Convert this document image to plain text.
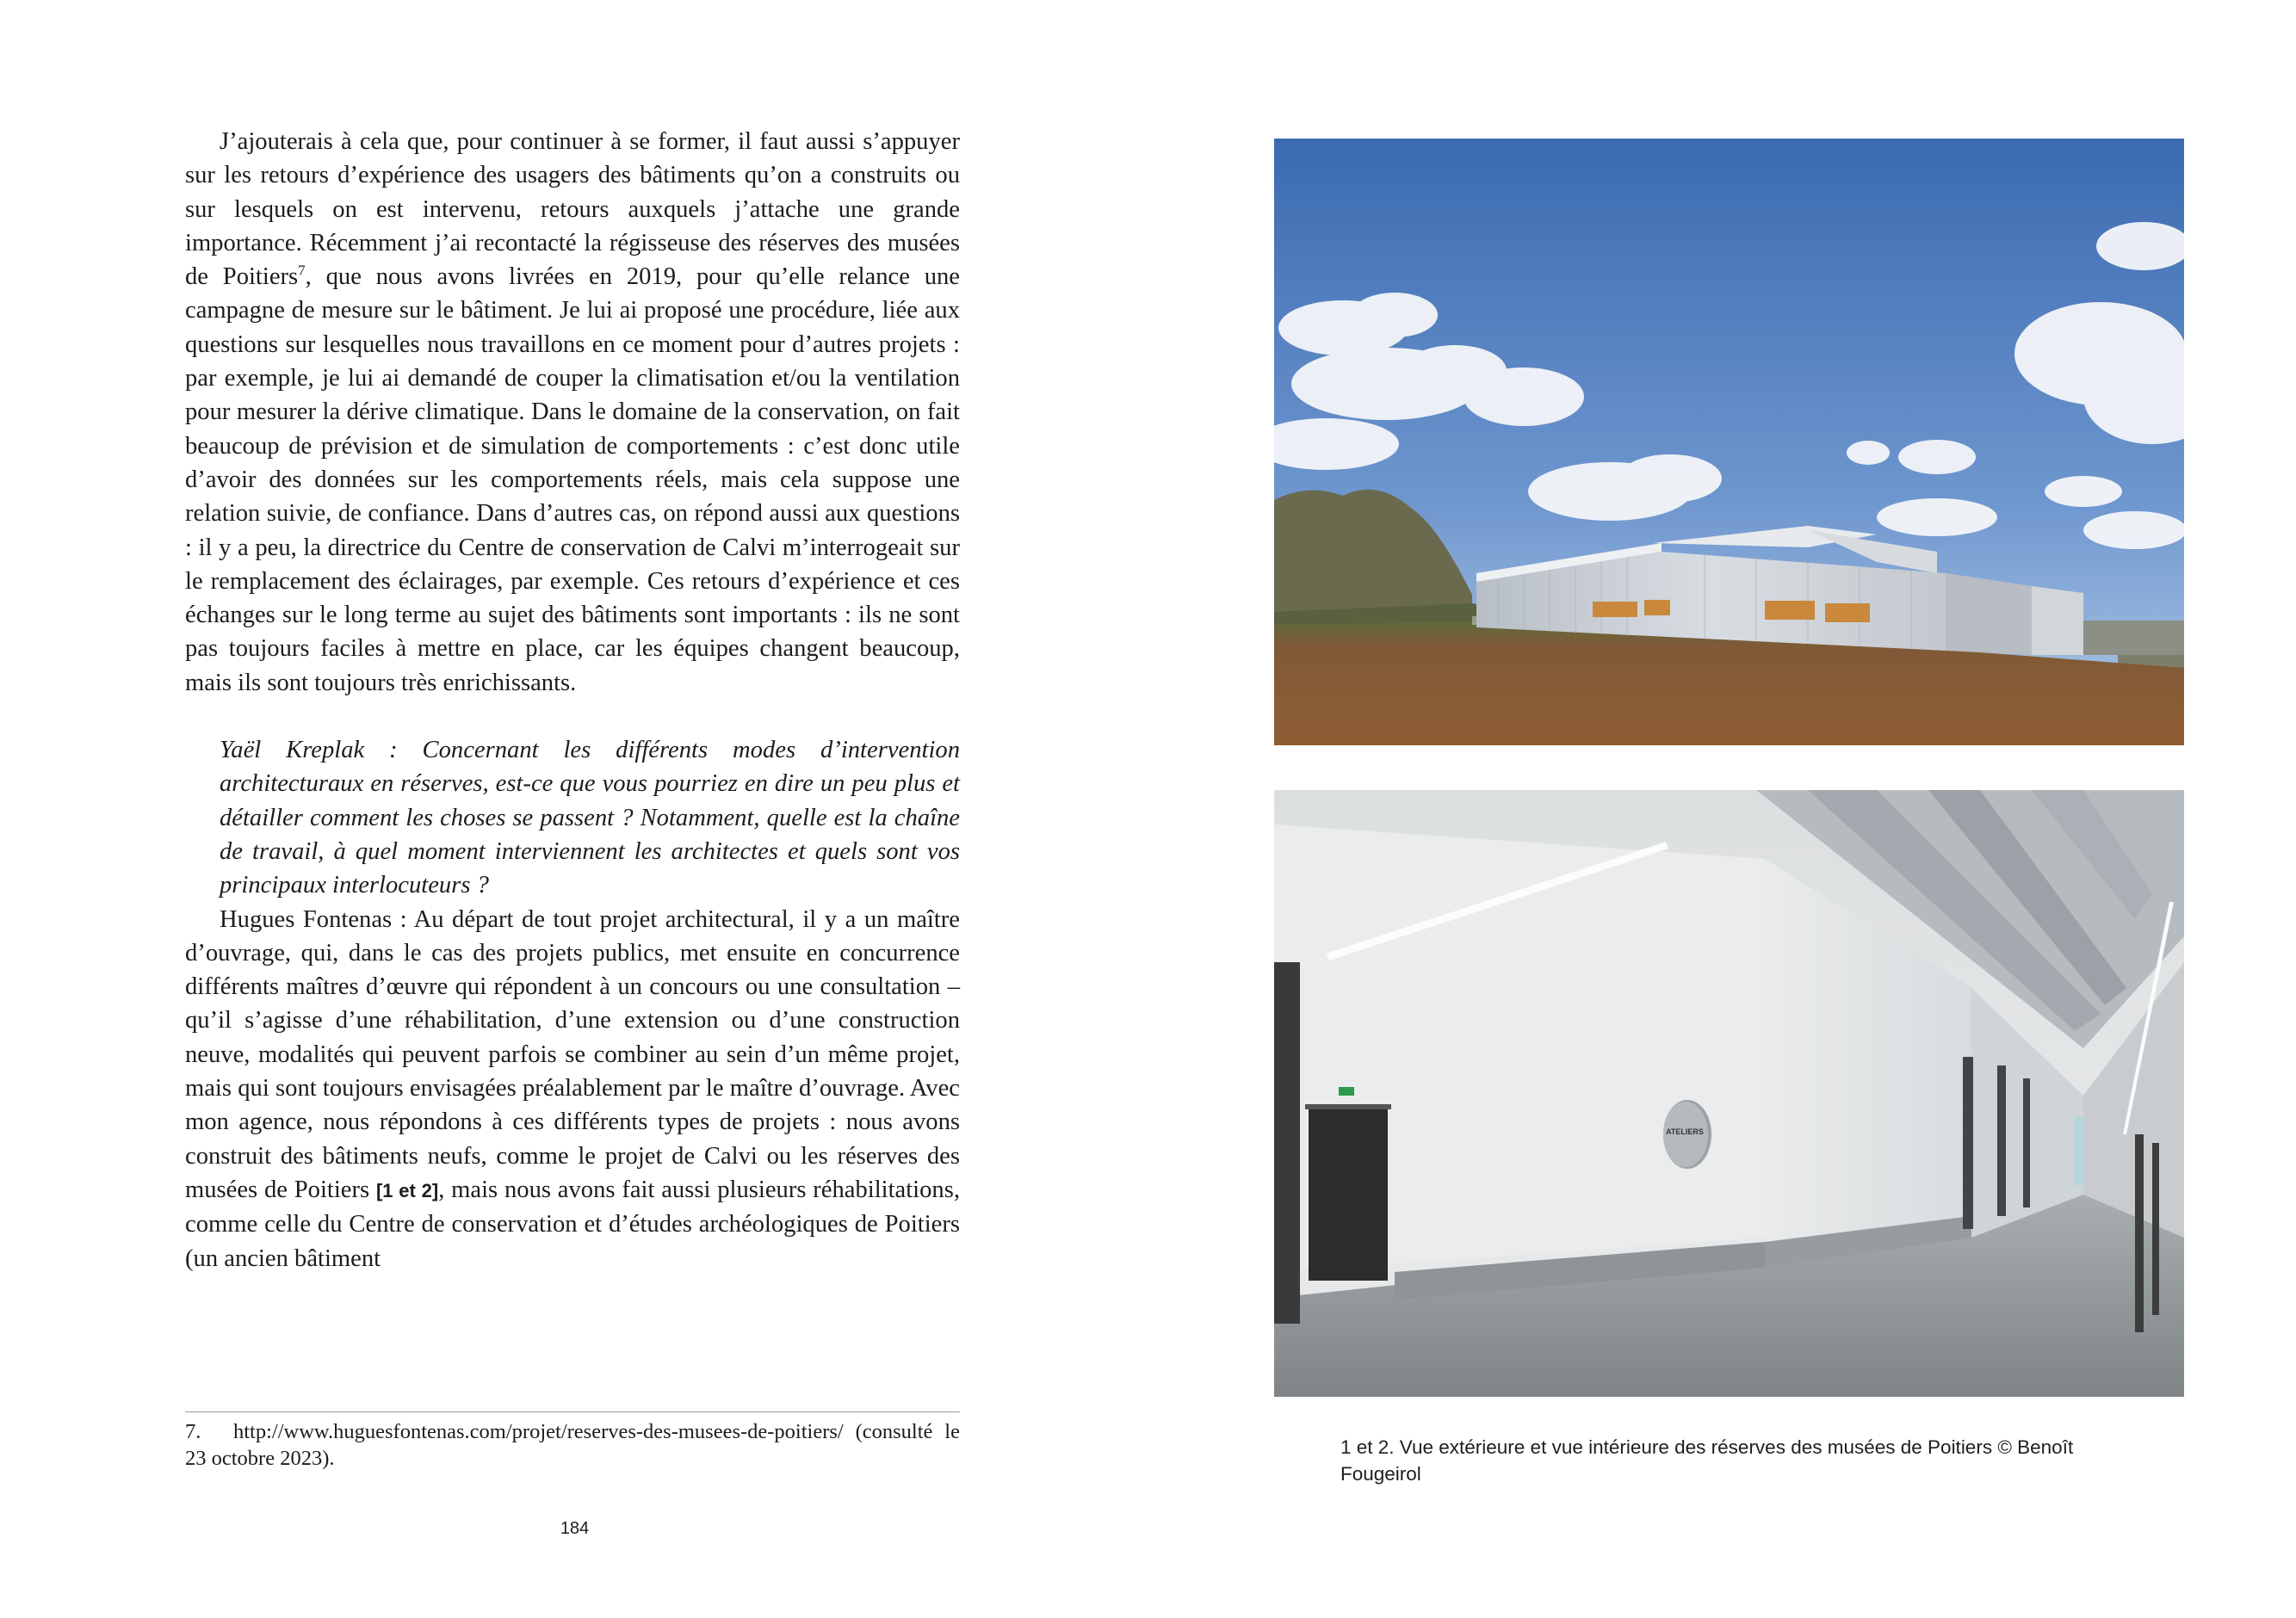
J’ajouterais à cela que, pour continuer à se former, il faut aussi s’appuyer sur les retours d’expérience des usagers des bâtiments qu’on a construits ou sur lesquels on est intervenu, retours auxquels j’attache une grande importance. Récemment j’ai recontacté la régisseuse des réserves des musées de Poitiers$^7$, que nous avons livrées en 2019, pour qu’elle relance une campagne de mesure sur le bâtiment. Je lui ai proposé une procédure, liée aux questions sur lesquelles nous travaillons en ce moment pour d’autres projets : par exemple, je lui ai demandé de couper la climatisation et/ou la ventilation pour mesurer la dérive climatique. Dans le domaine de la conservation, on fait beaucoup de prévision et de simulation de comportements : c’est donc utile d’avoir des données sur les comportements réels, mais cela suppose une relation suivie, de confiance. Dans d’autres cas, on répond aussi aux questions : il y a peu, la directrice du Centre de conservation de Calvi m’interrogeait sur le remplacement des éclairages, par exemple. Ces retours d’expérience et ces échanges sur le long terme au sujet des bâtiments sont importants : ils ne sont pas toujours faciles à mettre en place, car les équipes changent beaucoup, mais ils sont toujours très enrichissants.

Yaël Kreplak : Concernant les différents modes d’intervention architecturaux en réserves, est-ce que vous pourriez en dire un peu plus et détailler comment les choses se passent ? Notamment, quelle est la chaîne de travail, à quel moment interviennent les architectes et quels sont vos principaux interlocuteurs ?

Hugues Fontenas : Au départ de tout projet architectural, il y a un maître d’ouvrage, qui, dans le cas des projets publics, met ensuite en concurrence différents maîtres d’œuvre qui répondent à un concours ou une consultation – qu’il s’agisse d’une réhabilitation, d’une extension ou d’une construction neuve, modalités qui peuvent parfois se combiner au sein d’un même projet, mais qui sont toujours envisagées préalablement par le maître d’ouvrage. Avec mon agence, nous répondons à ces différents types de projets : nous avons construit des bâtiments neufs, comme le projet de Calvi ou les réserves des musées de Poitiers [1 et 2], mais nous avons fait aussi plusieurs réhabilitations, comme celle du Centre de conservation et d’études archéologiques de Poitiers (un ancien bâtiment

7. http://www.huguesfontenas.com/projet/reserves-des-musees-de-poitiers/ (consulté le 23 octobre 2023).
184
ATELIERS
1 et 2. Vue extérieure et vue intérieure des réserves des musées de Poitiers © Benoît Fougeirol
